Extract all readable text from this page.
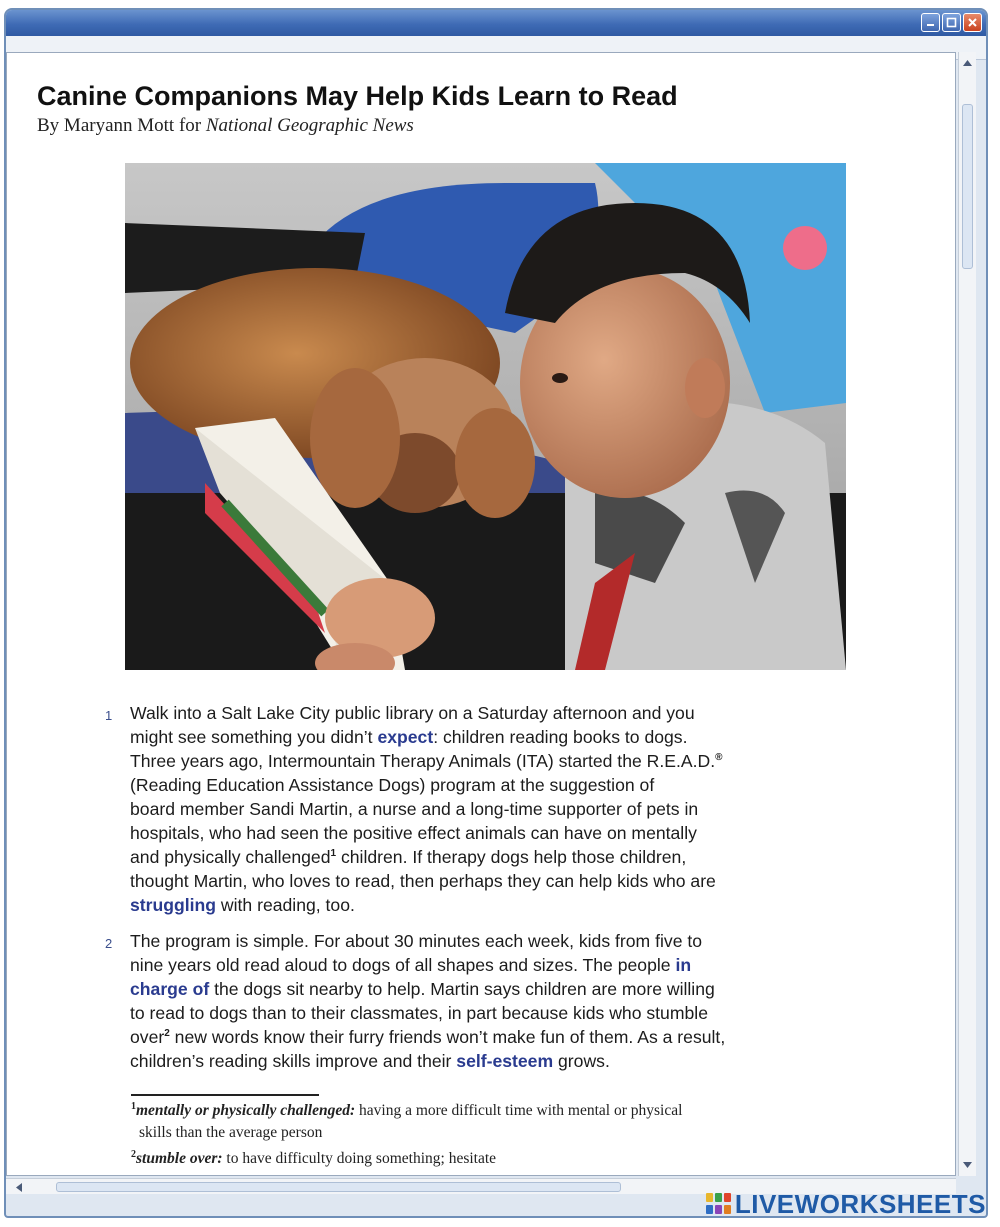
Canine Companions May Help Kids Learn to Read
By Maryann Mott for National Geographic News
1 Walk into a Salt Lake City public library on a Saturday afternoon and you

might see something you didn’t expect: children reading books to dogs.

Three years ago, Intermountain Therapy Animals (ITA) started the R.E.A.D.®

(Reading Education Assistance Dogs) program at the suggestion of

board member Sandi Martin, a nurse and a long-time supporter of pets in

hospitals, who had seen the positive effect animals can have on mentally

and physically challenged$^1$ children. If therapy dogs help those children,

thought Martin, who loves to read, then perhaps they can help kids who are

struggling with reading, too.

2 The program is simple. For about 30 minutes each week, kids from five to

nine years old read aloud to dogs of all shapes and sizes. The people in

charge of the dogs sit nearby to help. Martin says children are more willing

to read to dogs than to their classmates, in part because kids who stumble

over$^2$ new words know their furry friends won’t make fun of them. As a result,

children’s reading skills improve and their self-esteem grows.

$^1$mentally or physically challenged: having a more difficult time with mental or physical

skills than the average person

$^2$stumble over: to have difficulty doing something; hesitate

LIVEWORKSHEETS
